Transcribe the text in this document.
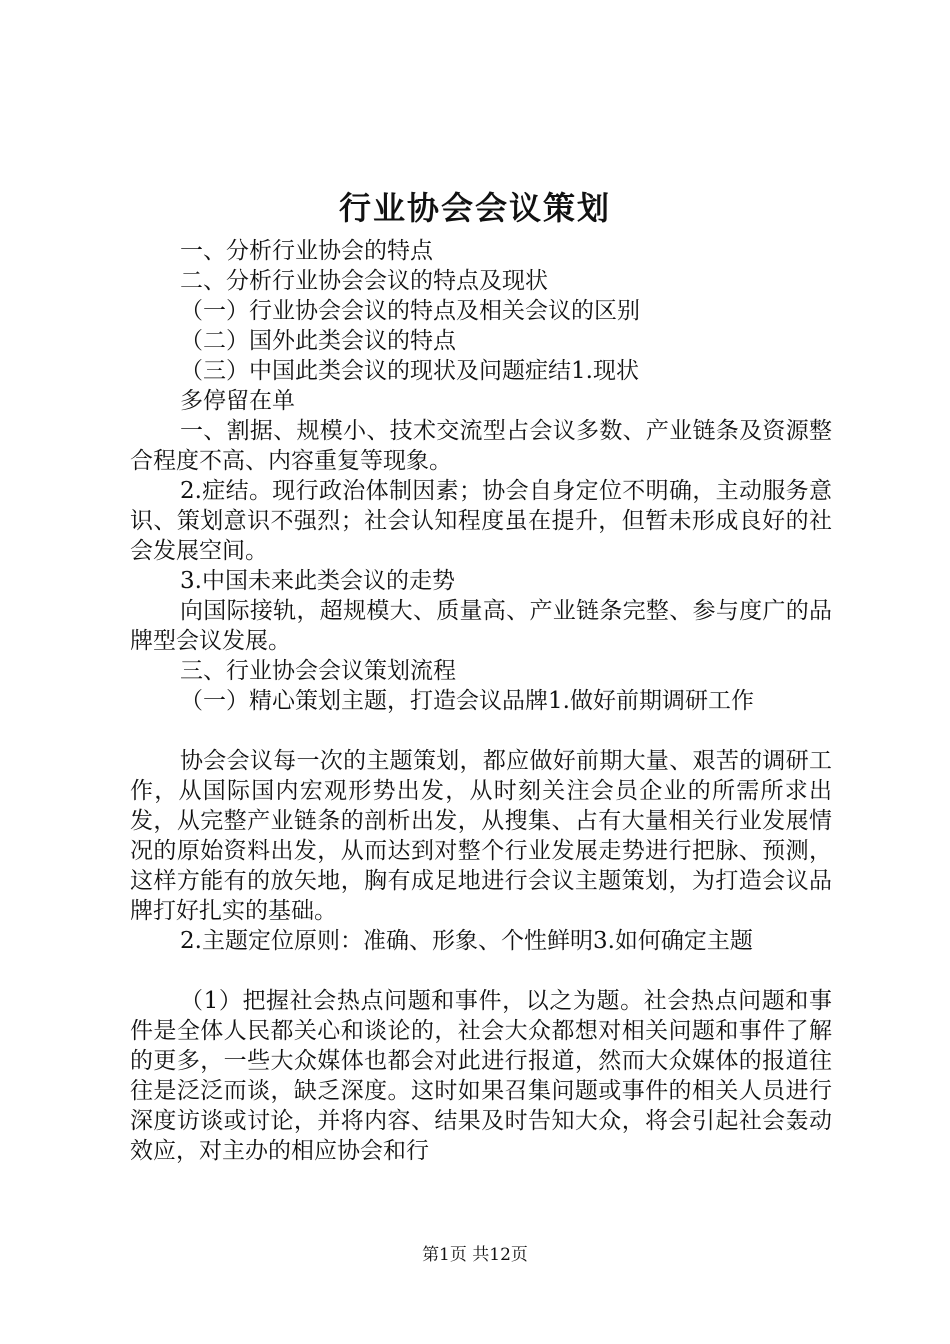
行业协会会议策划

一、分析行业协会的特点

二、分析行业协会会议的特点及现状

（一）行业协会会议的特点及相关会议的区别

（二）国外此类会议的特点

（三）中国此类会议的现状及问题症结1.现状

多停留在单

一、割据、规模小、技术交流型占会议多数、产业链条及资源整合程度不高、内容重复等现象。

2.症结。现行政治体制因素；协会自身定位不明确，主动服务意识、策划意识不强烈；社会认知程度虽在提升，但暂未形成良好的社会发展空间。

3.中国未来此类会议的走势

向国际接轨，超规模大、质量高、产业链条完整、参与度广的品牌型会议发展。

三、行业协会会议策划流程

（一）精心策划主题，打造会议品牌1.做好前期调研工作

协会会议每一次的主题策划，都应做好前期大量、艰苦的调研工作，从国际国内宏观形势出发，从时刻关注会员企业的所需所求出发，从完整产业链条的剖析出发，从搜集、占有大量相关行业发展情况的原始资料出发，从而达到对整个行业发展走势进行把脉、预测，这样方能有的放矢地，胸有成足地进行会议主题策划，为打造会议品牌打好扎实的基础。

2.主题定位原则：准确、形象、个性鲜明3.如何确定主题

（1）把握社会热点问题和事件，以之为题。社会热点问题和事件是全体人民都关心和谈论的，社会大众都想对相关问题和事件了解的更多，一些大众媒体也都会对此进行报道，然而大众媒体的报道往往是泛泛而谈，缺乏深度。这时如果召集问题或事件的相关人员进行深度访谈或讨论，并将内容、结果及时告知大众，将会引起社会轰动效应，对主办的相应协会和行

第1页 共12页
